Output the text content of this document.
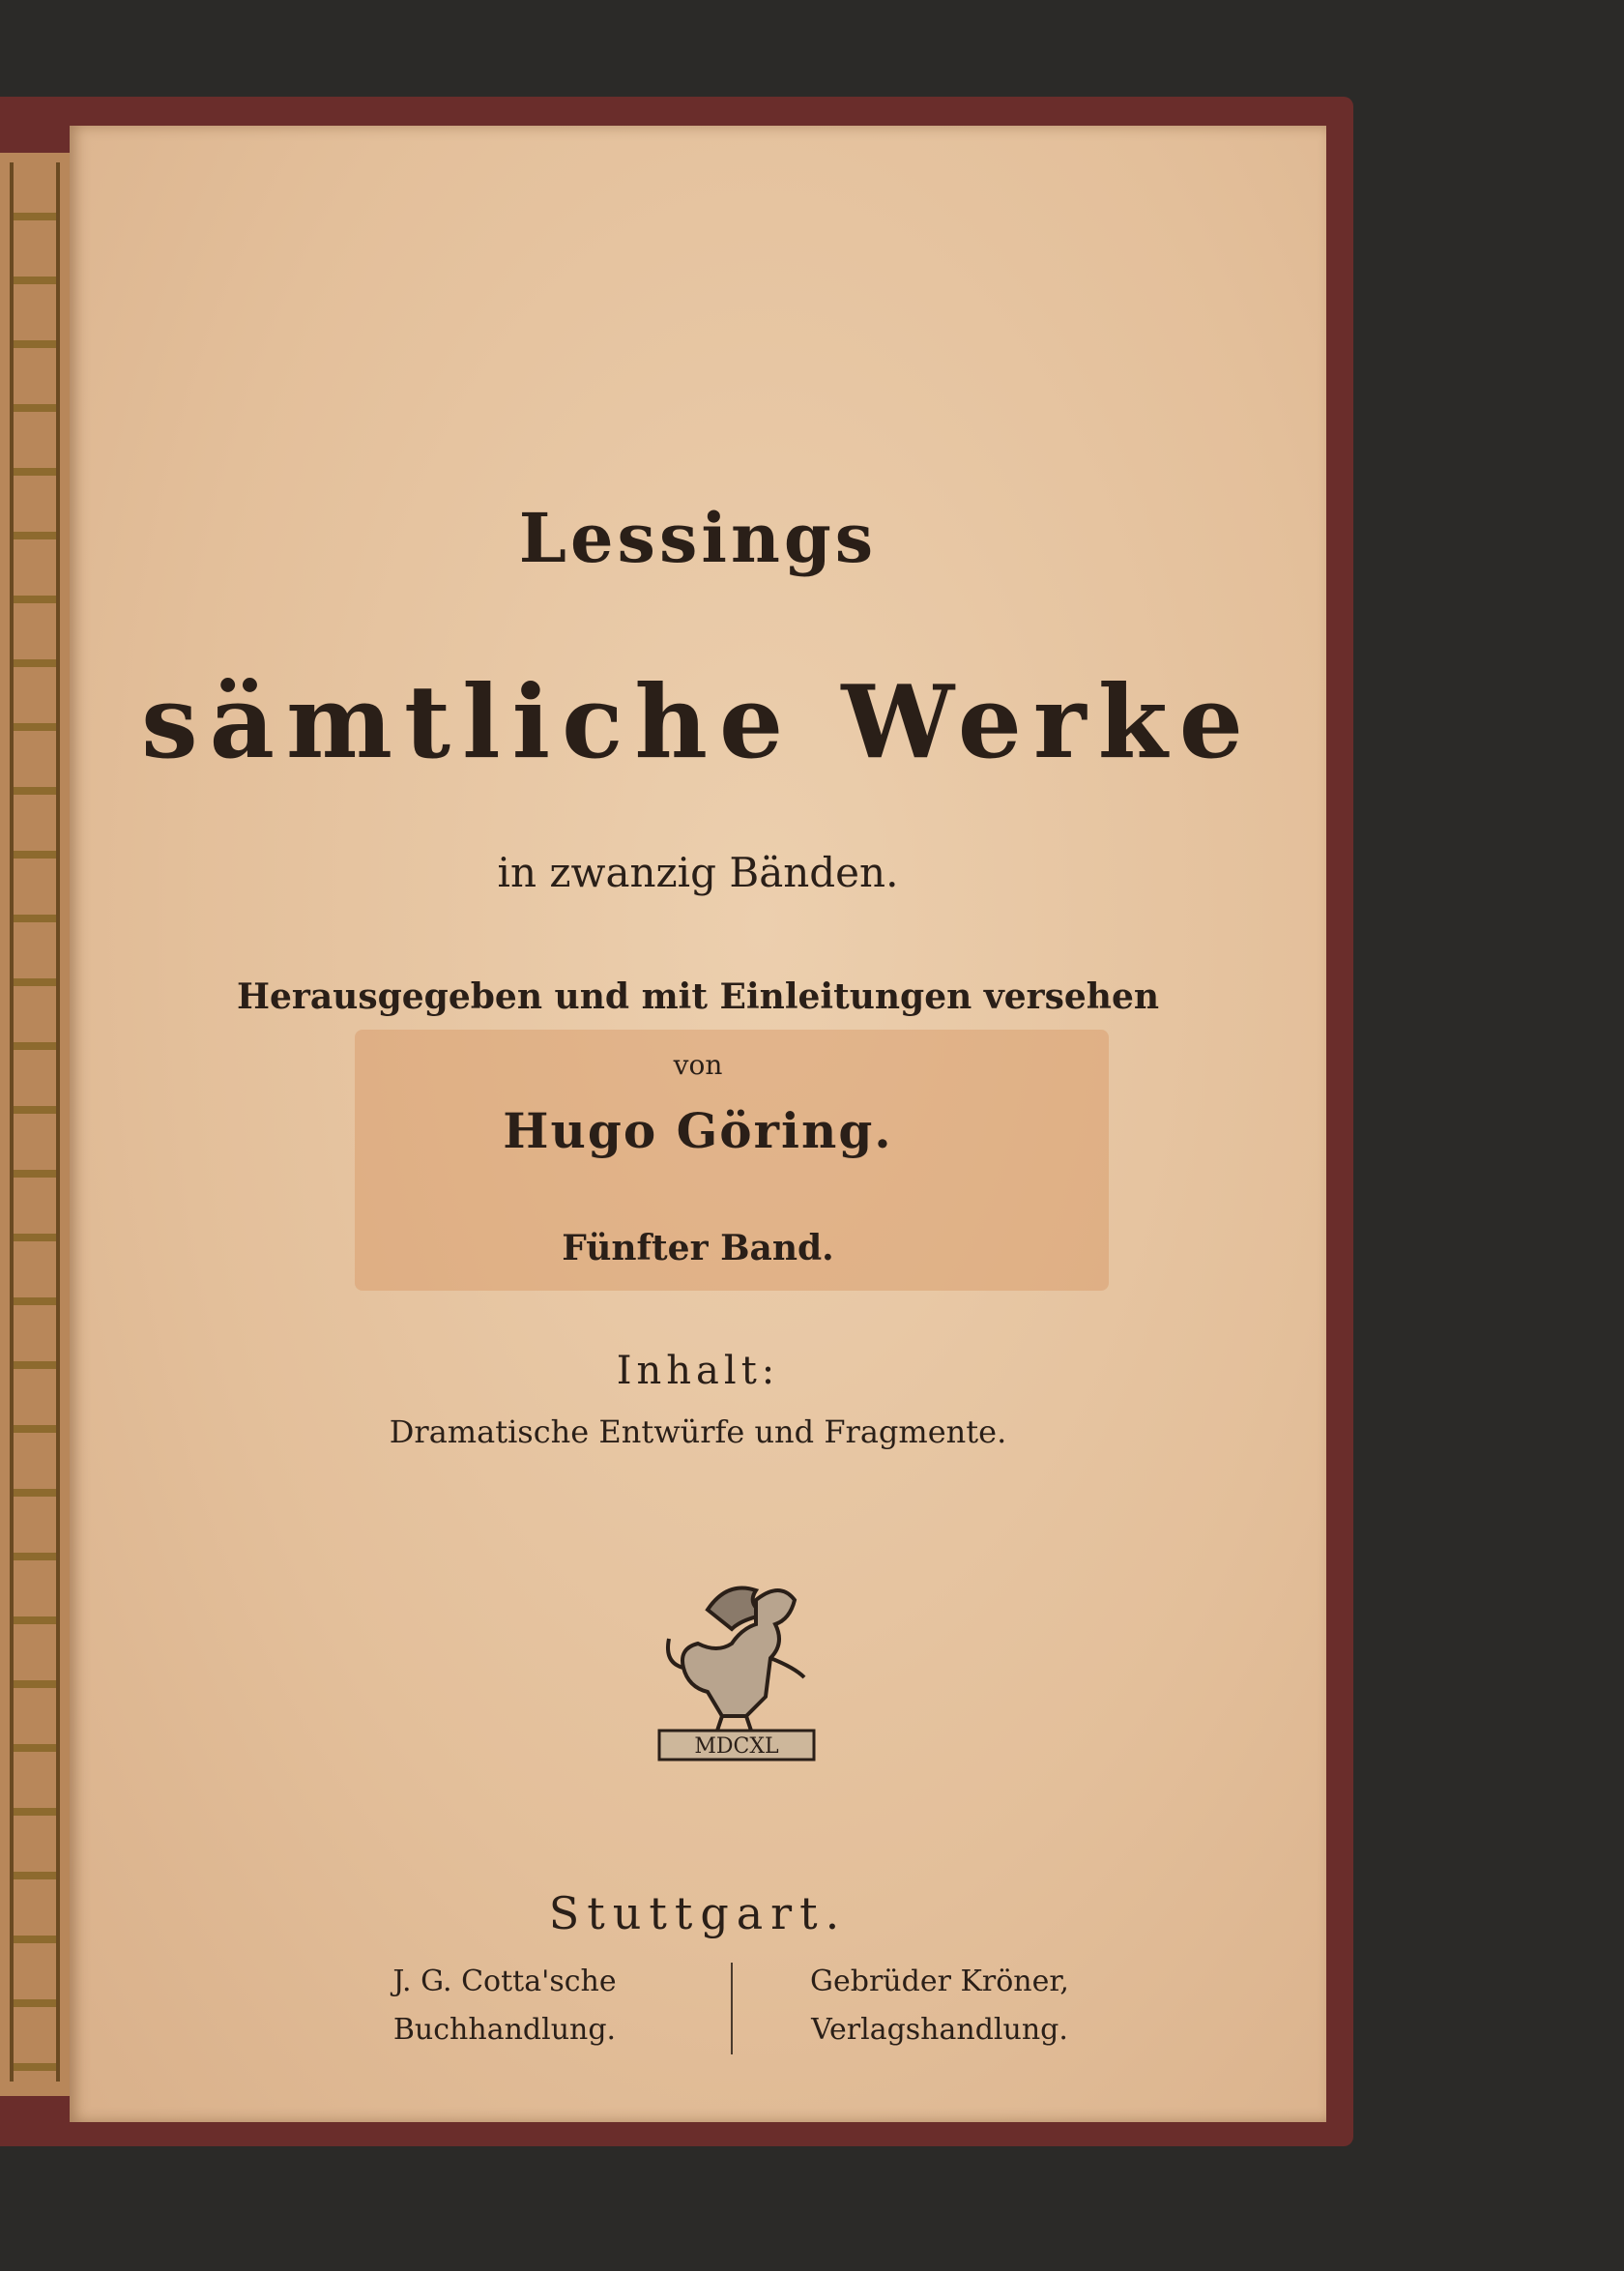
Lessings

sämtliche Werke

in zwanzig Bänden.

Herausgegeben und mit Einleitungen versehen

von

Hugo Göring.

Fünfter Band.

Inhalt:

Dramatische Entwürfe und Fragmente.

MDCXL

Stuttgart.

J. G. Cotta'sche
Buchhandlung.
Gebrüder Kröner,
Verlagshandlung.
